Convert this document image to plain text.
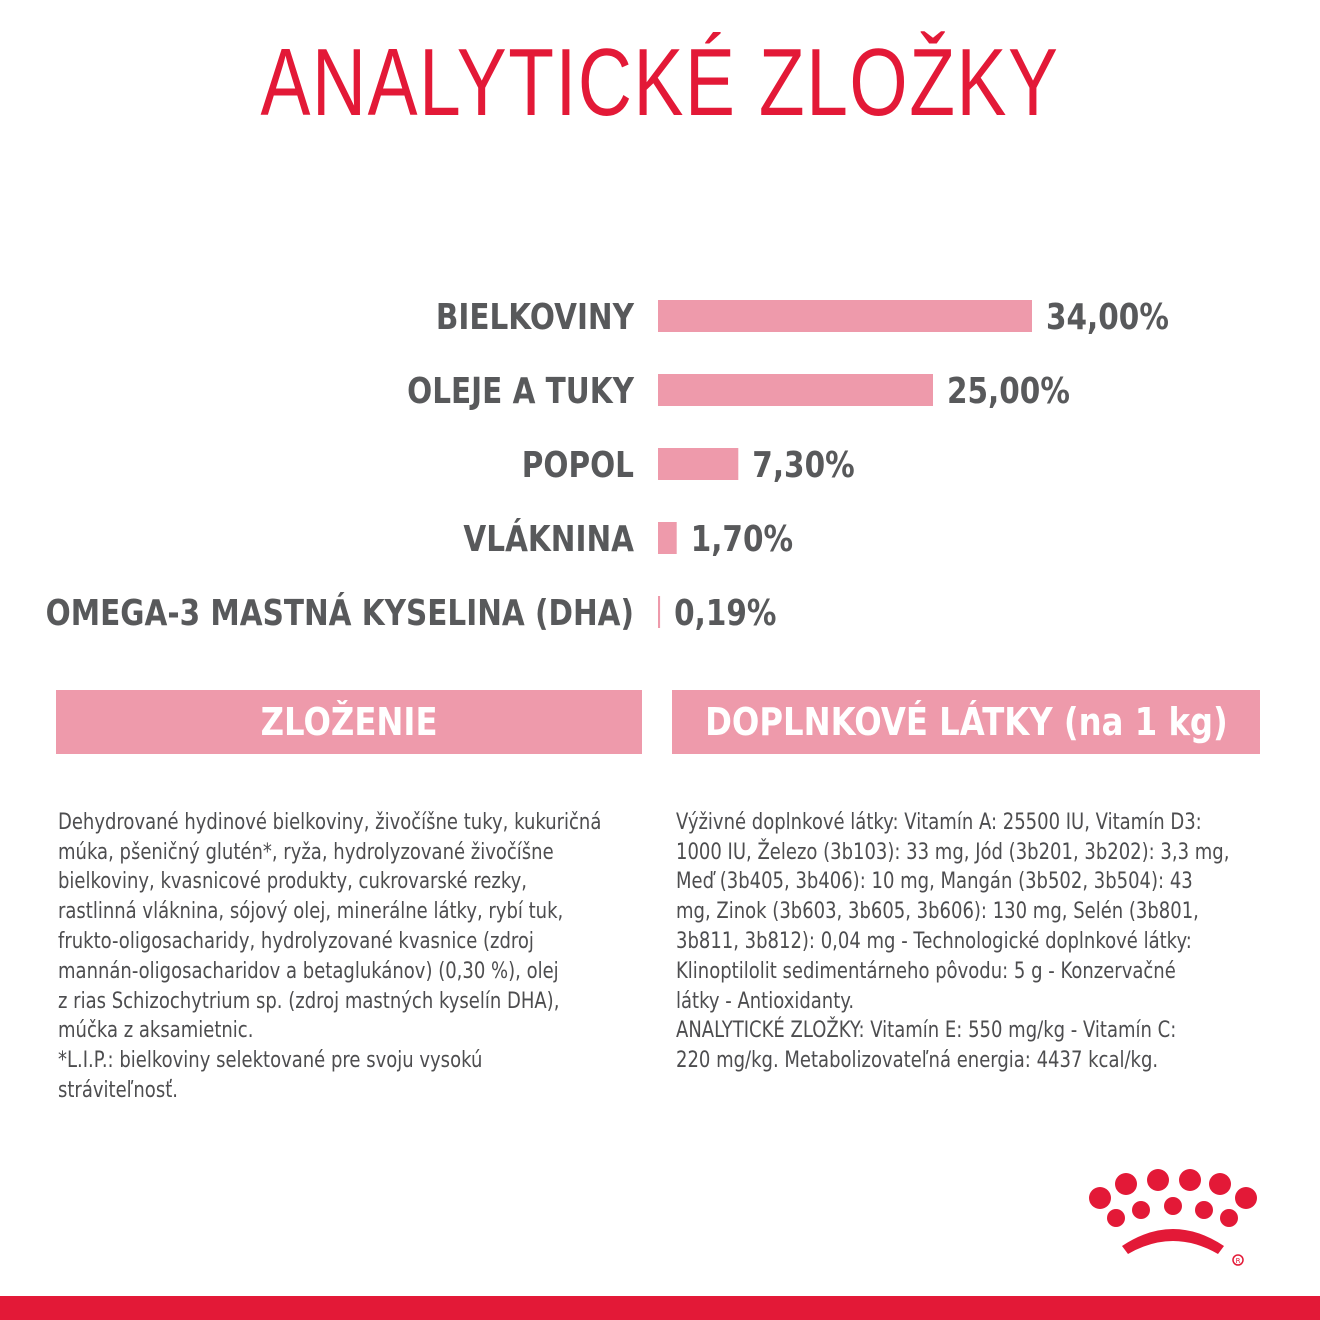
ANALYTICKÉ ZLOŽKY
BIELKOVINY	34,00%
OLEJE A TUKY	25,00%
POPOL	7,30%
VLÁKNINA 1,70%
OMEGA-3 MASTNÁ KYSELINA (DHA) 0,19%
ZLOŽENIE	DOPLNKOVÉ LÁTKY (na 1 kg)

Dehydrované hydinové bielkoviny, živočíšne tuky, kukuričná
múka, pšeničný glutén*, ryža, hydrolyzované živočíšne
bielkoviny, kvasnicové produkty, cukrovarské rezky,
rastlinná vláknina, sójový olej, minerálne látky, rybí tuk,
frukto-oligosacharidy, hydrolyzované kvasnice (zdroj
mannán-oligosacharidov a betaglukánov) (0,30 %), olej
z rias Schizochytrium sp. (zdroj mastných kyselín DHA),
múčka z aksamietnic.
*L.I.P.: bielkoviny selektované pre svoju vysokú
stráviteľnosť.

Výživné doplnkové látky: Vitamín A: 25500 IU, Vitamín D3:
1000 IU, Železo (3b103): 33 mg, Jód (3b201, 3b202): 3,3 mg,
Meď (3b405, 3b406): 10 mg, Mangán (3b502, 3b504): 43
mg, Zinok (3b603, 3b605, 3b606): 130 mg, Selén (3b801,
3b811, 3b812): 0,04 mg - Technologické doplnkové látky:
Klinoptilolit sedimentárneho pôvodu: 5 g - Konzervačné
látky - Antioxidanty.
ANALYTICKÉ ZLOŽKY: Vitamín E: 550 mg/kg - Vitamín C:
220 mg/kg. Metabolizovateľná energia: 4437 kcal/kg.

R
